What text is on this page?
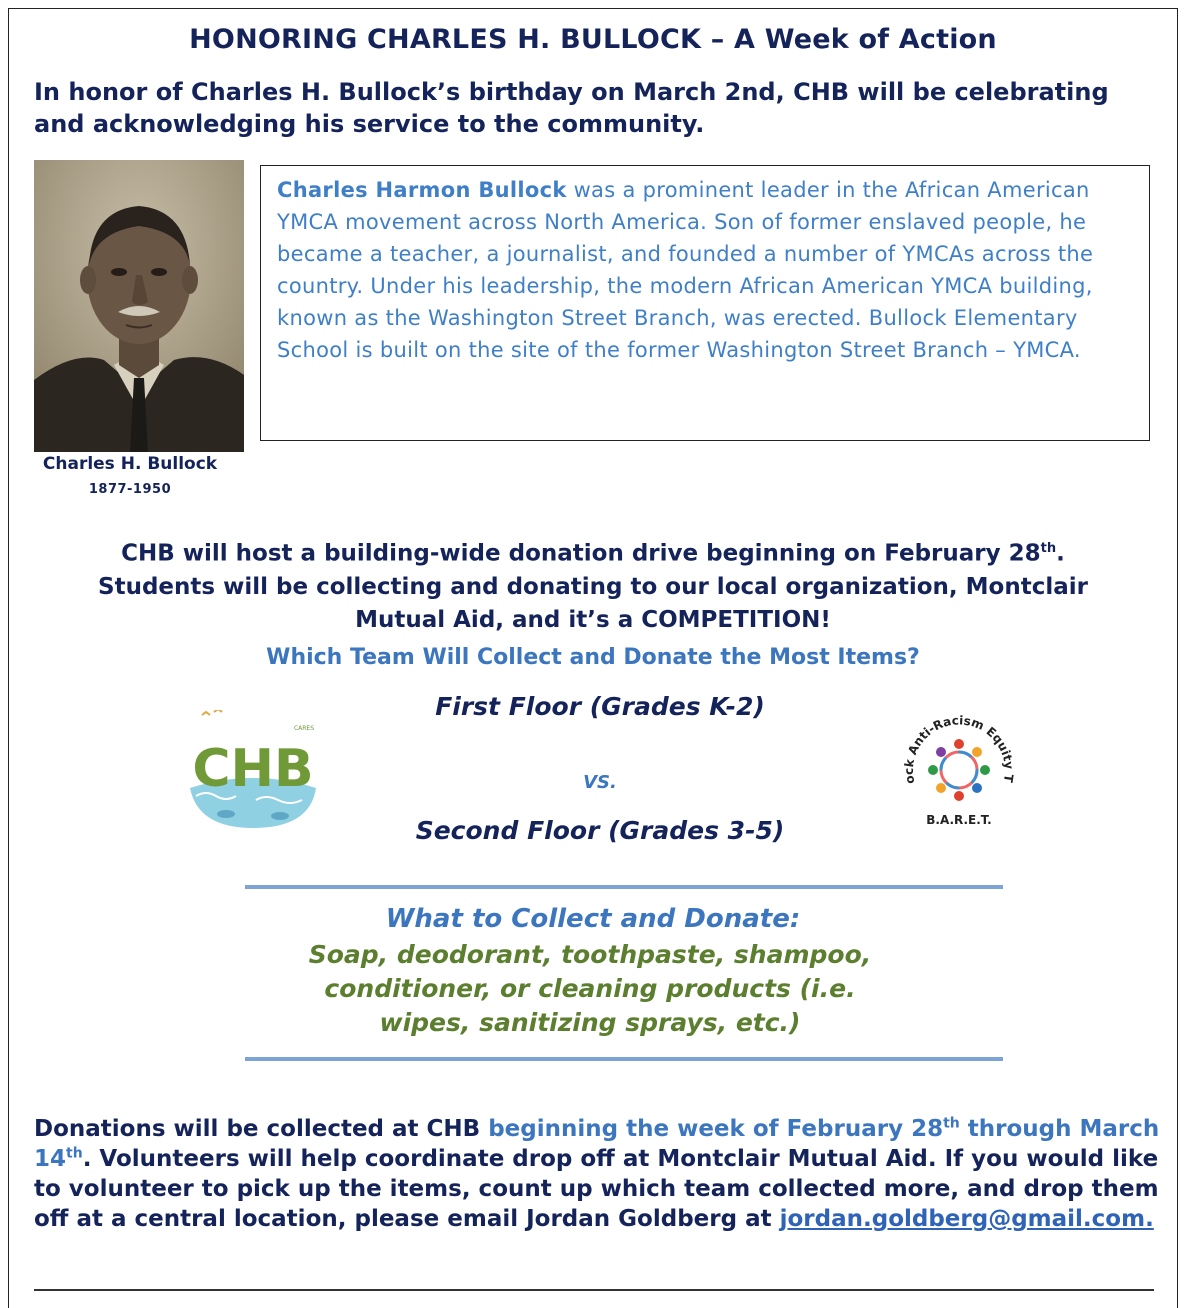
HONORING CHARLES H. BULLOCK – A Week of Action
In honor of Charles H. Bullock’s birthday on March 2nd, CHB will be celebrating and acknowledging his service to the community.
Charles H. Bullock
1877-1950
Charles Harmon Bullock was a prominent leader in the African American YMCA movement across North America. Son of former enslaved people, he became a teacher, a journalist, and founded a number of YMCAs across the country. Under his leadership, the modern African American YMCA building, known as the Washington Street Branch, was erected. Bullock Elementary School is built on the site of the former Washington Street Branch – YMCA.
CHB will host a building-wide donation drive beginning on February 28th.
Students will be collecting and donating to our local organization, Montclair
Mutual Aid, and it’s a COMPETITION!
Which Team Will Collect and Donate the Most Items?
CHB
CARES
First Floor (Grades K-2)
VS.
Second Floor (Grades 3-5)
ock Anti-Racism Equity T
B.A.R.E.T.
What to Collect and Donate:
Soap, deodorant, toothpaste, shampoo, conditioner, or cleaning products (i.e. wipes, sanitizing sprays, etc.)
Donations will be collected at CHB beginning the week of February 28th through March 14th. Volunteers will help coordinate drop off at Montclair Mutual Aid. If you would like to volunteer to pick up the items, count up which team collected more, and drop them off at a central location, please email Jordan Goldberg at jordan.goldberg@gmail.com.
